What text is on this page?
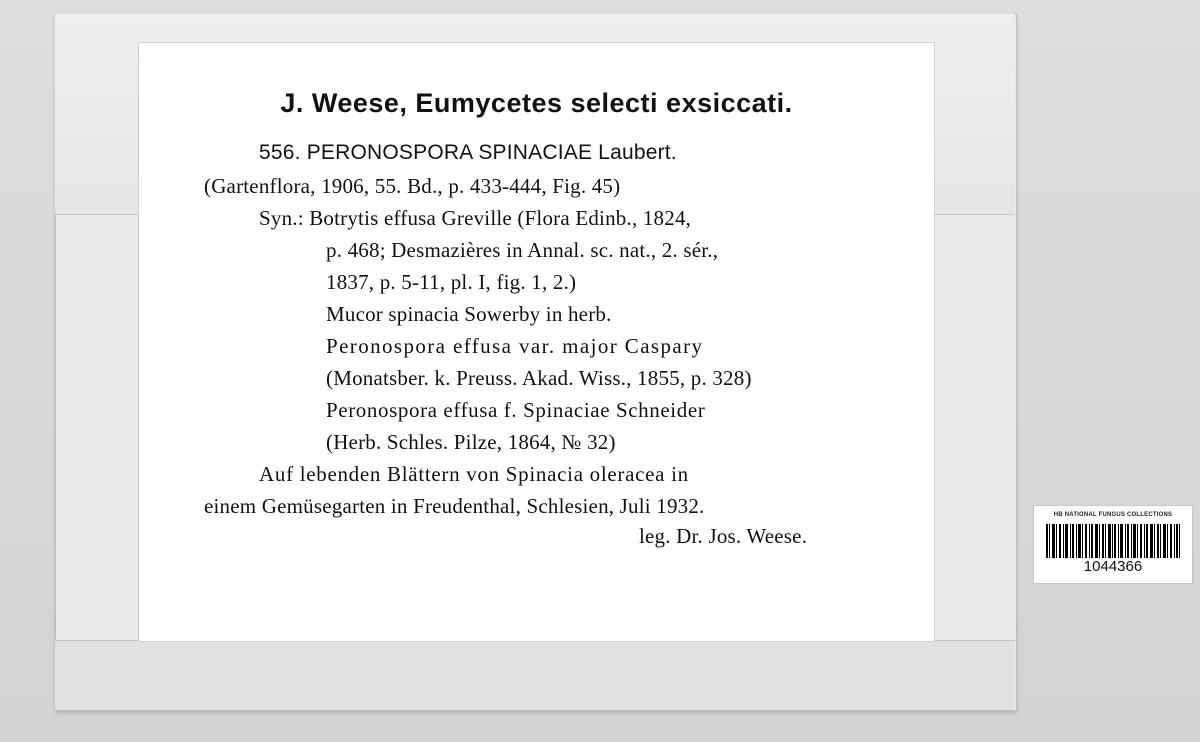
J. Weese, Eumycetes selecti exsiccati.
556. PERONOSPORA SPINACIAE Laubert.
(Gartenflora, 1906, 55. Bd., p. 433-444, Fig. 45)
Syn.: Botrytis effusa Greville (Flora Edinb., 1824,
p. 468; Desmazières in Annal. sc. nat., 2. sér.,
1837, p. 5-11, pl. I, fig. 1, 2.)
Mucor spinacia Sowerby in herb.
Peronospora effusa var. major Caspary
(Monatsber. k. Preuss. Akad. Wiss., 1855, p. 328)
Peronospora effusa f. Spinaciae Schneider
(Herb. Schles. Pilze, 1864, № 32)
Auf lebenden Blättern von Spinacia oleracea in
einem Gemüsegarten in Freudenthal, Schlesien, Juli 1932.
leg. Dr. Jos. Weese.
HB NATIONAL FUNGUS COLLECTIONS
1044366
